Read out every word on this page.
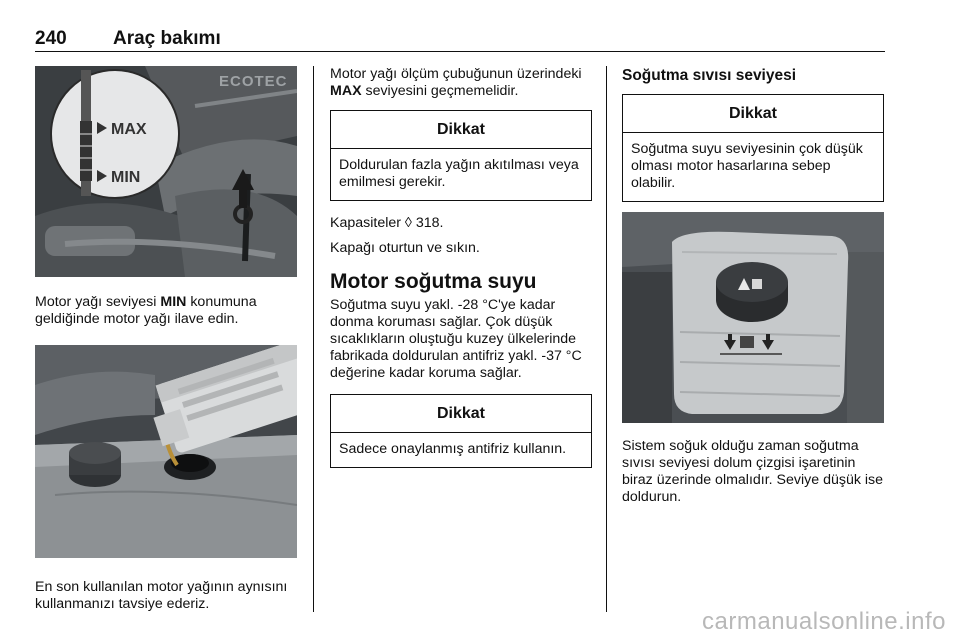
240 Araç bakımı
ECOTEC
MAX
MIN

Motor yağı seviyesi MIN konumuna geldiğinde motor yağı ilave edin.

En son kullanılan motor yağının aynısını kullanmanızı tavsiye ederiz.

Motor yağı ölçüm çubuğunun üzerindeki MAX seviyesini geçmemelidir.

Dikkat
Doldurulan fazla yağın akıtılması veya emilmesi gerekir.

Kapasiteler ◊ 318.

Kapağı oturtun ve sıkın.

Motor soğutma suyu

Soğutma suyu yakl. -28 °C'ye kadar donma koruması sağlar. Çok düşük sıcaklıkların oluştuğu kuzey ülkelerinde fabrikada doldurulan antifriz yakl. -37 °C değerine kadar koruma sağlar.

Dikkat
Sadece onaylanmış antifriz kullanın.
Soğutma sıvısı seviyesi
Dikkat
Soğutma suyu seviyesinin çok düşük olması motor hasarlarına sebep olabilir.

Sistem soğuk olduğu zaman soğutma sıvısı seviyesi dolum çizgisi işaretinin biraz üzerinde olmalıdır. Seviye düşük ise doldurun.

carmanualsonline.info
